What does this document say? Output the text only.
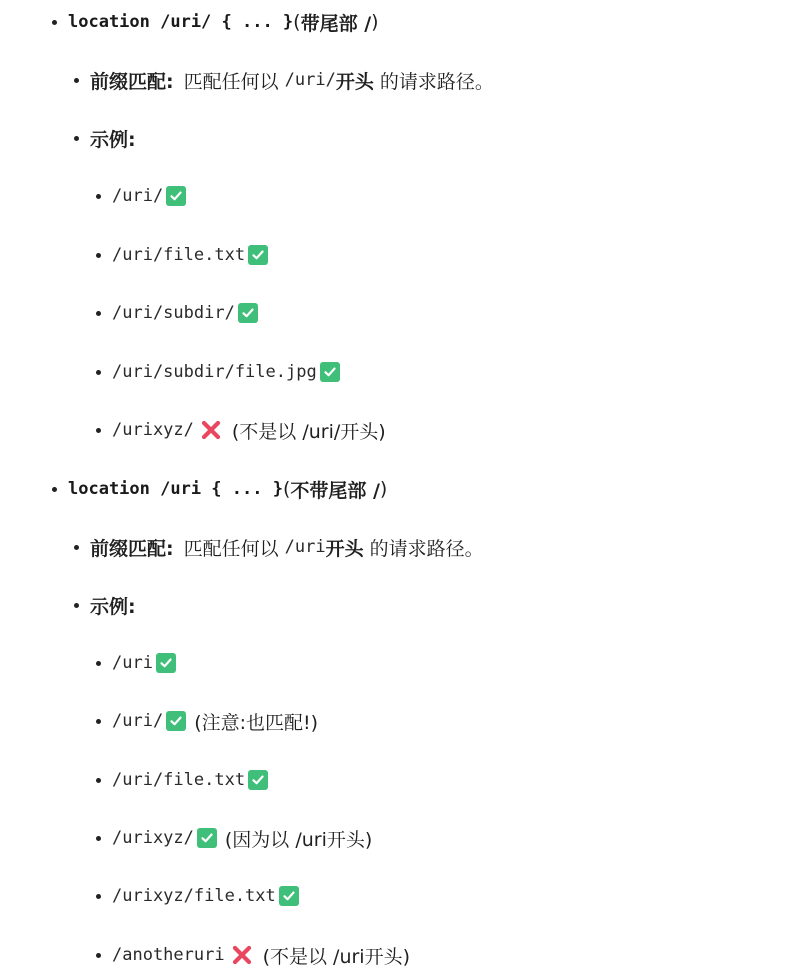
location /uri/ { ... } ( 带尾部 / )
前缀匹配: 匹配任何以 /uri/ 开头 的请求路径。
示例:
/uri/
/uri/file.txt
/uri/subdir/
/uri/subdir/file.jpg
/urixyz/ (不是以 /uri/开头)
location /uri { ... } ( 不带尾部 / )
前缀匹配: 匹配任何以 /uri 开头 的请求路径。
示例:
/uri
/uri/ (注意:也匹配!)
/uri/file.txt
/urixyz/ (因为以 /uri开头)
/urixyz/file.txt
/anotheruri (不是以 /uri开头)
